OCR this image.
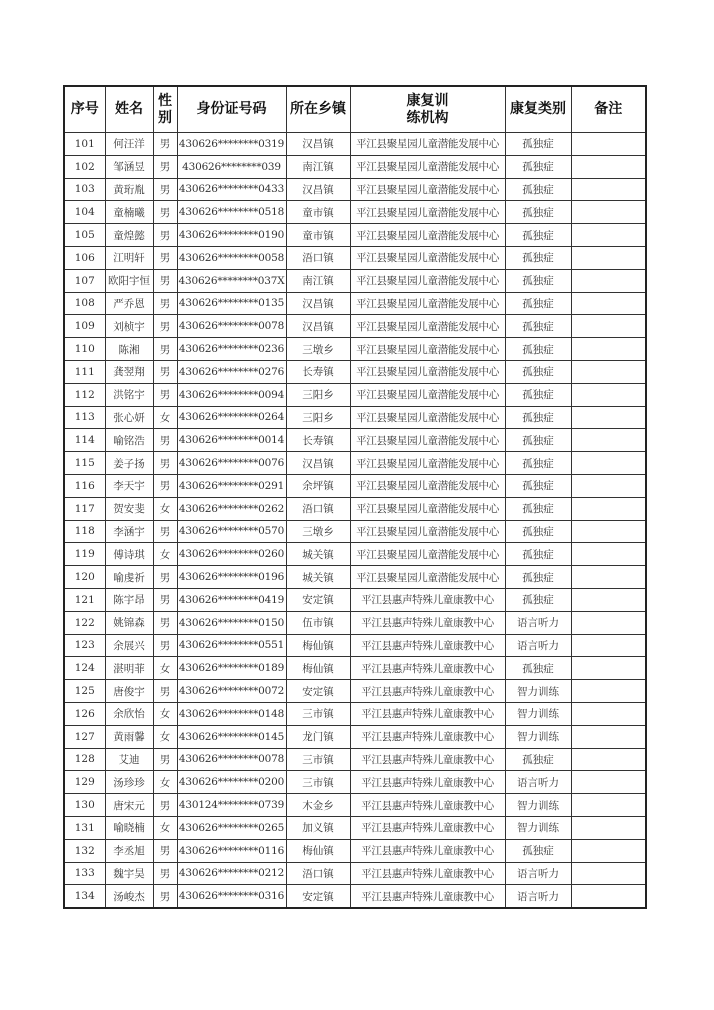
序号	姓名	性别	身份证号码	所在乡镇	康复训练机构	康复类别	备注
101	何汪洋	男	430626********0319	汉昌镇	平江县聚星园儿童潜能发展中心	孤独症	
102	邹涵昱	男	430626********039	南江镇	平江县聚星园儿童潜能发展中心	孤独症	
103	黄珩胤	男	430626********0433	汉昌镇	平江县聚星园儿童潜能发展中心	孤独症	
104	童楠曦	男	430626********0518	童市镇	平江县聚星园儿童潜能发展中心	孤独症	
105	童煌懿	男	430626********0190	童市镇	平江县聚星园儿童潜能发展中心	孤独症	
106	江明轩	男	430626********0058	浯口镇	平江县聚星园儿童潜能发展中心	孤独症	
107	欧阳宇恒	男	430626********037X	南江镇	平江县聚星园儿童潜能发展中心	孤独症	
108	严乔恩	男	430626********0135	汉昌镇	平江县聚星园儿童潜能发展中心	孤独症	
109	刘桢宇	男	430626********0078	汉昌镇	平江县聚星园儿童潜能发展中心	孤独症	
110	陈湘	男	430626********0236	三墩乡	平江县聚星园儿童潜能发展中心	孤独症	
111	龚翌翔	男	430626********0276	长寿镇	平江县聚星园儿童潜能发展中心	孤独症	
112	洪铭宇	男	430626********0094	三阳乡	平江县聚星园儿童潜能发展中心	孤独症	
113	张心妍	女	430626********0264	三阳乡	平江县聚星园儿童潜能发展中心	孤独症	
114	喻铭浩	男	430626********0014	长寿镇	平江县聚星园儿童潜能发展中心	孤独症	
115	姜子扬	男	430626********0076	汉昌镇	平江县聚星园儿童潜能发展中心	孤独症	
116	李天宇	男	430626********0291	余坪镇	平江县聚星园儿童潜能发展中心	孤独症	
117	贺安斐	女	430626********0262	浯口镇	平江县聚星园儿童潜能发展中心	孤独症	
118	李涵宇	男	430626********0570	三墩乡	平江县聚星园儿童潜能发展中心	孤独症	
119	傅诗琪	女	430626********0260	城关镇	平江县聚星园儿童潜能发展中心	孤独症	
120	喻虔祈	男	430626********0196	城关镇	平江县聚星园儿童潜能发展中心	孤独症	
121	陈宇昂	男	430626********0419	安定镇	平江县惠声特殊儿童康教中心	孤独症	
122	姚锦森	男	430626********0150	伍市镇	平江县惠声特殊儿童康教中心	语言听力	
123	余展兴	男	430626********0551	梅仙镇	平江县惠声特殊儿童康教中心	语言听力	
124	湛明菲	女	430626********0189	梅仙镇	平江县惠声特殊儿童康教中心	孤独症	
125	唐俊宇	男	430626********0072	安定镇	平江县惠声特殊儿童康教中心	智力训练	
126	余欣怡	女	430626********0148	三市镇	平江县惠声特殊儿童康教中心	智力训练	
127	黄雨馨	女	430626********0145	龙门镇	平江县惠声特殊儿童康教中心	智力训练	
128	艾迪	男	430626********0078	三市镇	平江县惠声特殊儿童康教中心	孤独症	
129	汤珍珍	女	430626********0200	三市镇	平江县惠声特殊儿童康教中心	语言听力	
130	唐宋元	男	430124********0739	木金乡	平江县惠声特殊儿童康教中心	智力训练	
131	喻晓楠	女	430626********0265	加义镇	平江县惠声特殊儿童康教中心	智力训练	
132	李丞旭	男	430626********0116	梅仙镇	平江县惠声特殊儿童康教中心	孤独症	
133	魏宇昊	男	430626********0212	浯口镇	平江县惠声特殊儿童康教中心	语言听力	
134	汤峻杰	男	430626********0316	安定镇	平江县惠声特殊儿童康教中心	语言听力	
